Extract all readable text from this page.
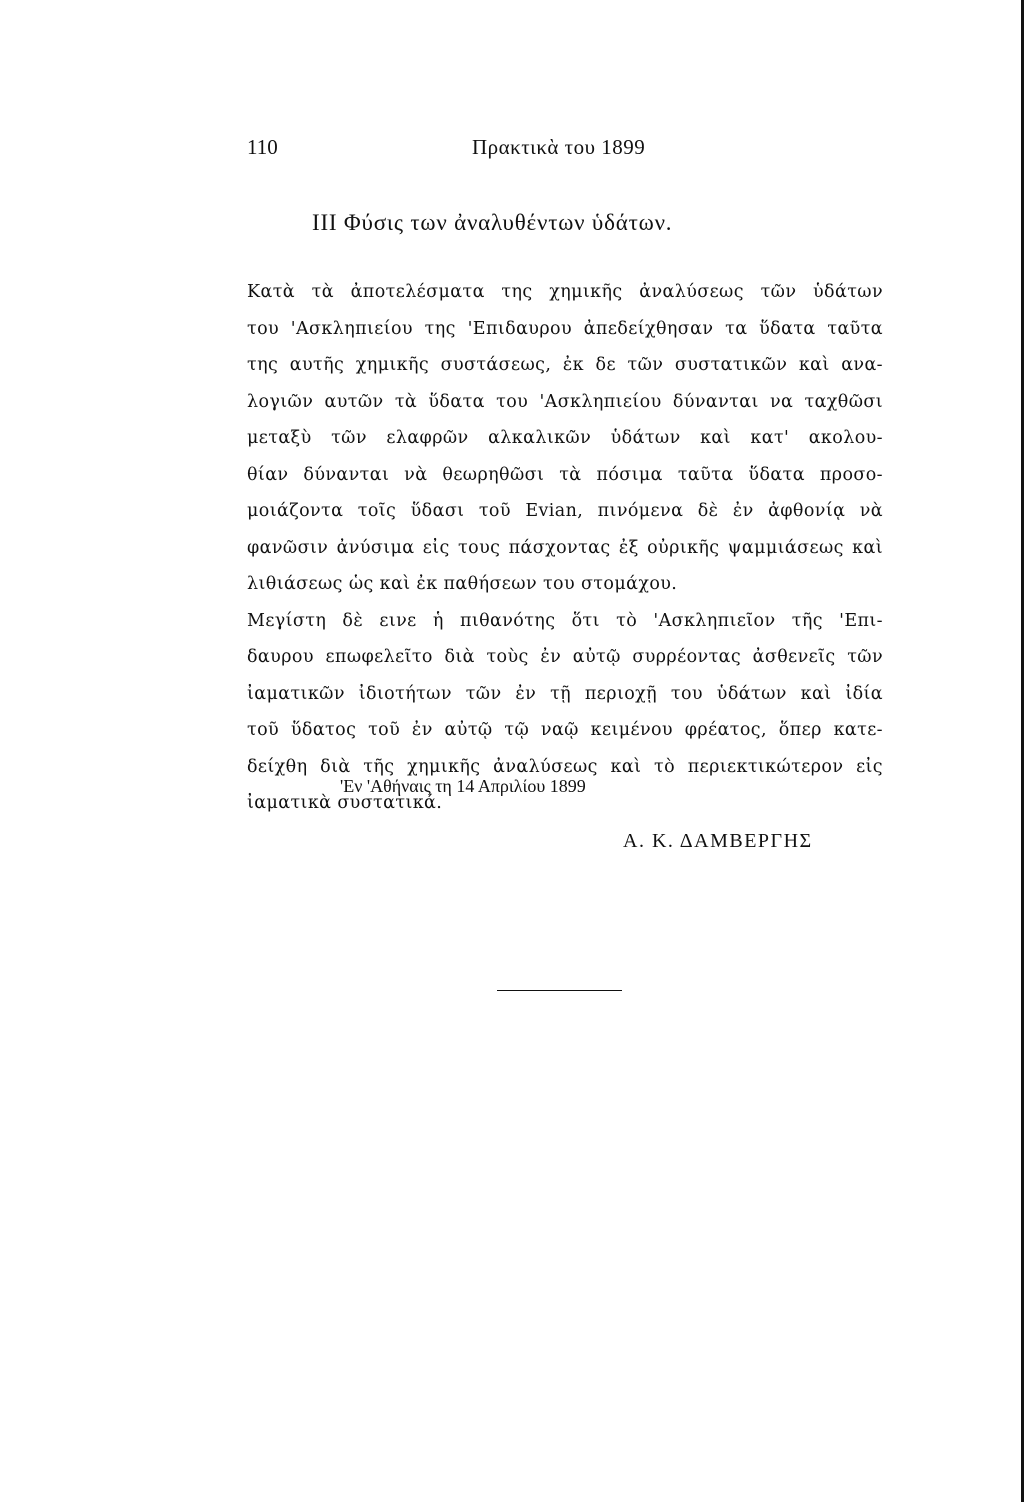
110	Πρακτικὰ του 1899
III Φύσις των ἀναλυθέντων ὑδάτων.
Κατὰ τὰ ἀποτελέσματα της χημικῆς ἀναλύσεως τῶν ὑδάτων
του 'Ασκληπιείου της 'Επιδαυρου ἀπεδείχθησαν τα ὕδατα ταῦτα
της αυτῆς χημικῆς συστάσεως, ἐκ δε τῶν συστατικῶν καὶ ανα-
λογιῶν αυτῶν τὰ ὕδατα του 'Ασκληπιείου δύνανται να ταχθῶσι
μεταξὺ τῶν ελαφρῶν αλκαλικῶν ὑδάτων καὶ κατ' ακολου-
θίαν δύνανται νὰ θεωρηθῶσι τὰ πόσιμα ταῦτα ὕδατα προσο-
μοιάζοντα τοῖς ὕδασι τοῦ Evian, πινόμενα δὲ ἐν ἀφθονίᾳ νὰ
φανῶσιν ἀνύσιμα εἰς τους πάσχοντας ἐξ οὐρικῆς ψαμμιάσεως καὶ
λιθιάσεως ὡς καὶ ἐκ παθήσεων του στομάχου.
Μεγίστη δὲ εινε ἡ πιθανότης ὅτι τὸ 'Ασκληπιεῖον τῆς 'Επι-
δαυρου επωφελεῖτο διὰ τοὺς ἐν αὐτῷ συρρέοντας ἀσθενεῖς τῶν
ἰαματικῶν ἰδιοτήτων τῶν ἐν τῇ περιοχῇ του ὑδάτων καὶ ἰδία
τοῦ ὕδατος τοῦ ἐν αὐτῷ τῷ ναῷ κειμένου φρέατος, ὅπερ κατε-
δείχθη διὰ τῆς χημικῆς ἀναλύσεως καὶ τὸ περιεκτικώτερον εἰς
ἰαματικὰ συστατικά.
'Εν 'Αθήναις τη 14 Απριλίου 1899
Α. Κ. ΔΑΜΒΕΡΓΗΣ
